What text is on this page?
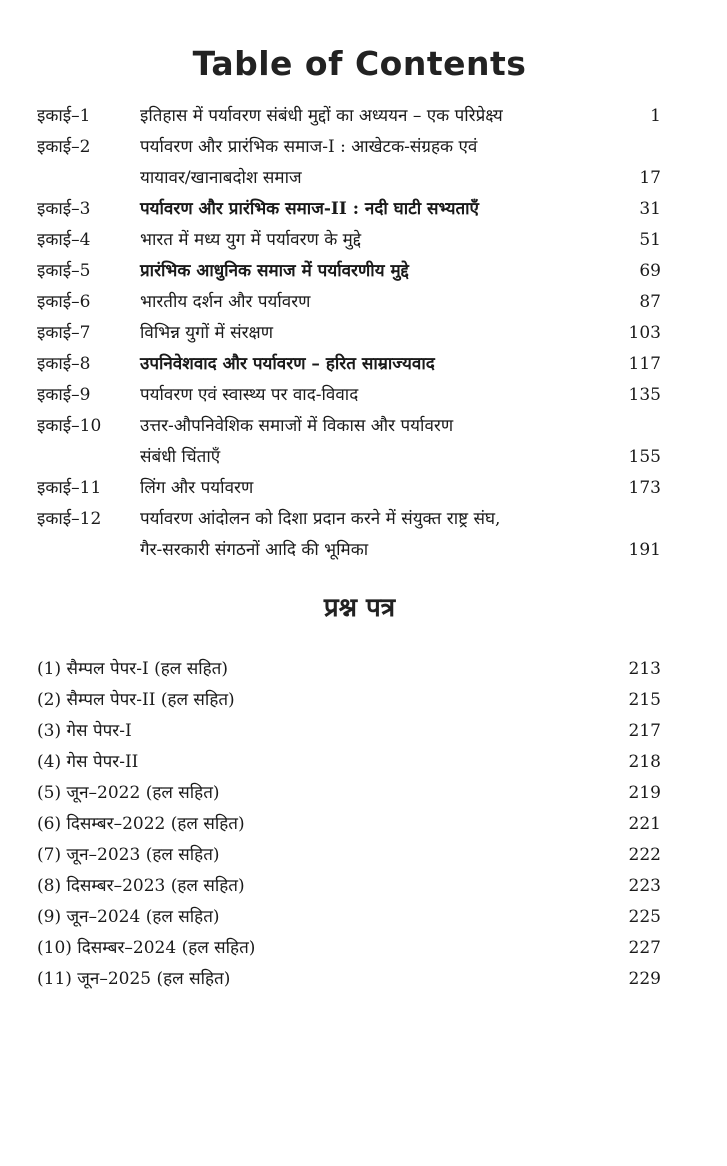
Table of Contents
इकाई–1	इतिहास में पर्यावरण संबंधी मुद्दों का अध्ययन – एक परिप्रेक्ष्य	1
इकाई–2	पर्यावरण और प्रारंभिक समाज-I : आखेटक-संग्रहक एवं
यायावर/खानाबदोश समाज	17
इकाई–3	पर्यावरण और प्रारंभिक समाज-II : नदी घाटी सभ्यताएँ	31
इकाई–4	भारत में मध्य युग में पर्यावरण के मुद्दे	51
इकाई–5	प्रारंभिक आधुनिक समाज में पर्यावरणीय मुद्दे	69
इकाई–6	भारतीय दर्शन और पर्यावरण	87
इकाई–7	विभिन्न युगों में संरक्षण	103
इकाई–8	उपनिवेशवाद और पर्यावरण – हरित साम्राज्यवाद	117
इकाई–9	पर्यावरण एवं स्वास्थ्य पर वाद-विवाद	135
इकाई–10	उत्तर-औपनिवेशिक समाजों में विकास और पर्यावरण
संबंधी चिंताएँ	155
इकाई–11	लिंग और पर्यावरण	173
इकाई–12	पर्यावरण आंदोलन को दिशा प्रदान करने में संयुक्त राष्ट्र संघ,
गैर-सरकारी संगठनों आदि की भूमिका	191
प्रश्न पत्र
(1) सैम्पल पेपर-I (हल सहित)	213
(2) सैम्पल पेपर-II (हल सहित)	215
(3) गेस पेपर-I	217
(4) गेस पेपर-II	218
(5) जून–2022 (हल सहित)	219
(6) दिसम्बर–2022 (हल सहित)	221
(7) जून–2023 (हल सहित)	222
(8) दिसम्बर–2023 (हल सहित)	223
(9) जून–2024 (हल सहित)	225
(10) दिसम्बर–2024 (हल सहित)	227
(11) जून–2025 (हल सहित)	229
